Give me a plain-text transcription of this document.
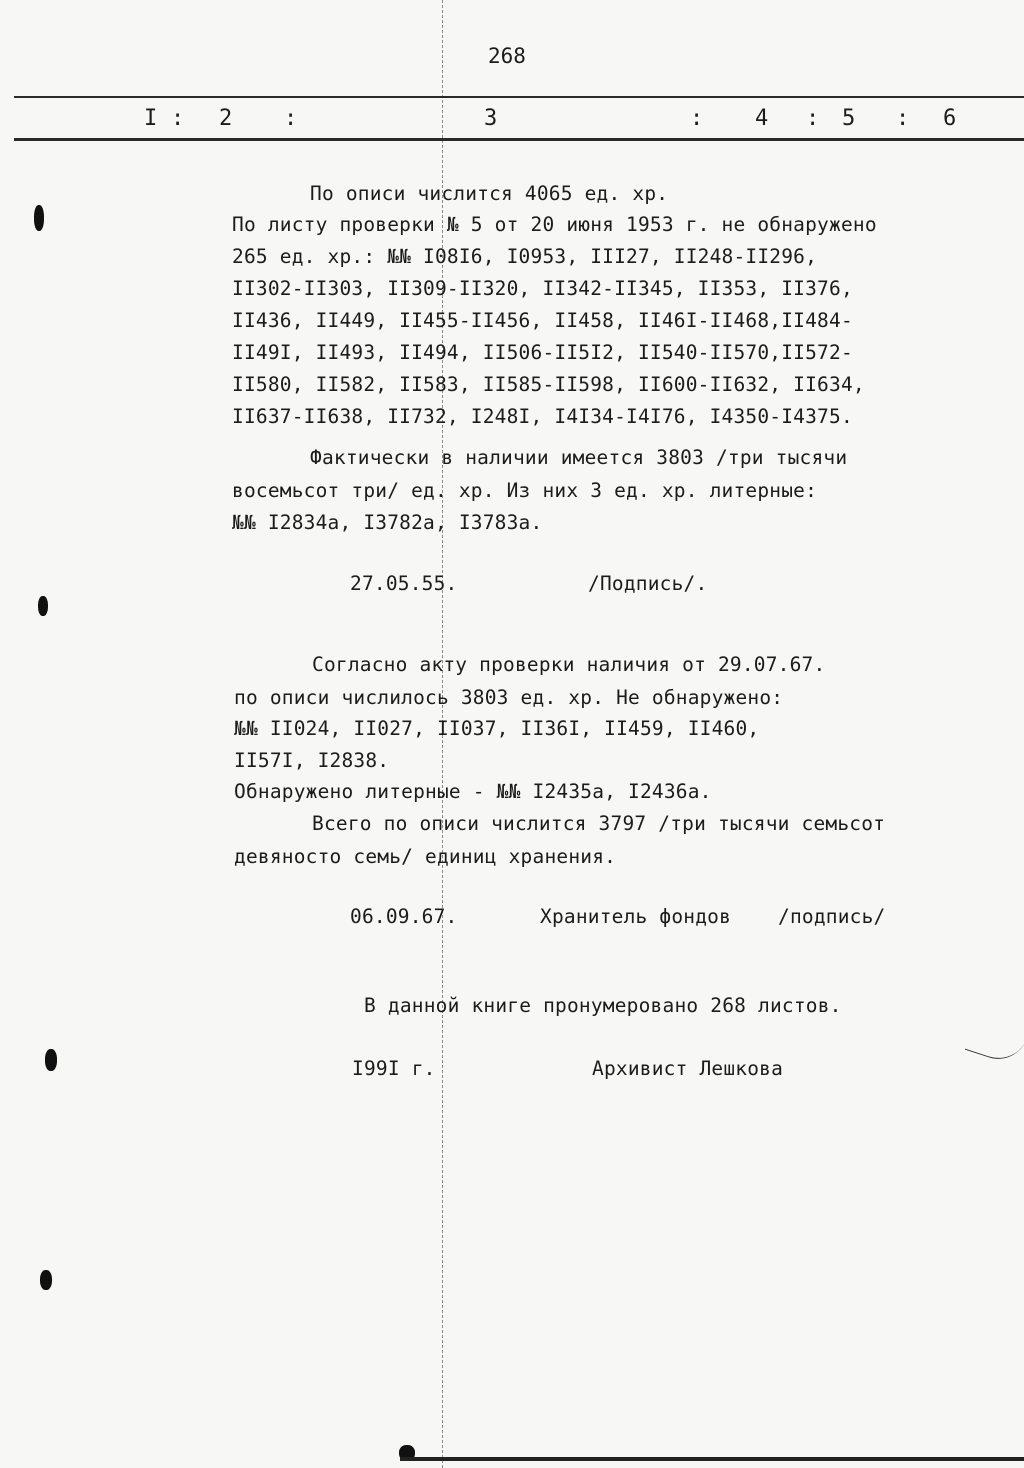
268
I : 2 :	3	: 4 : 5 : 6
По описи числится 4065 ед. хр.
По листу проверки № 5 от 20 июня 1953 г. не обнаружено
265 ед. хр.: №№ I08I6, I0953, III27, II248-II296,
II302-II303, II309-II320, II342-II345, II353, II376,
II436, II449, II455-II456, II458, II46I-II468,II484-
II49I, II493, II494, II506-II5I2, II540-II570,II572-
II580, II582, II583, II585-II598, II600-II632, II634,
II637-II638, II732, I248I, I4I34-I4I76, I4350-I4375.
Фактически в наличии имеется 3803 /три тысячи
восемьсот три/ ед. хр. Из них 3 ед. хр. литерные:
№№ I2834а, I3782а, I3783а.
27.05.55.	/Подпись/.
Согласно акту проверки наличия от 29.07.67.
по описи числилось 3803 ед. хр. Не обнаружено:
№№ II024, II027, II037, II36I, II459, II460,
II57I, I2838.
Обнаружено литерные - №№ I2435а, I2436а.
Всего по описи числится 3797 /три тысячи семьсот
девяносто семь/ единиц хранения.
06.09.67.	Хранитель фондов /подпись/
В данной книге пронумеровано 268 листов.
I99I г.	Архивист Лешкова
